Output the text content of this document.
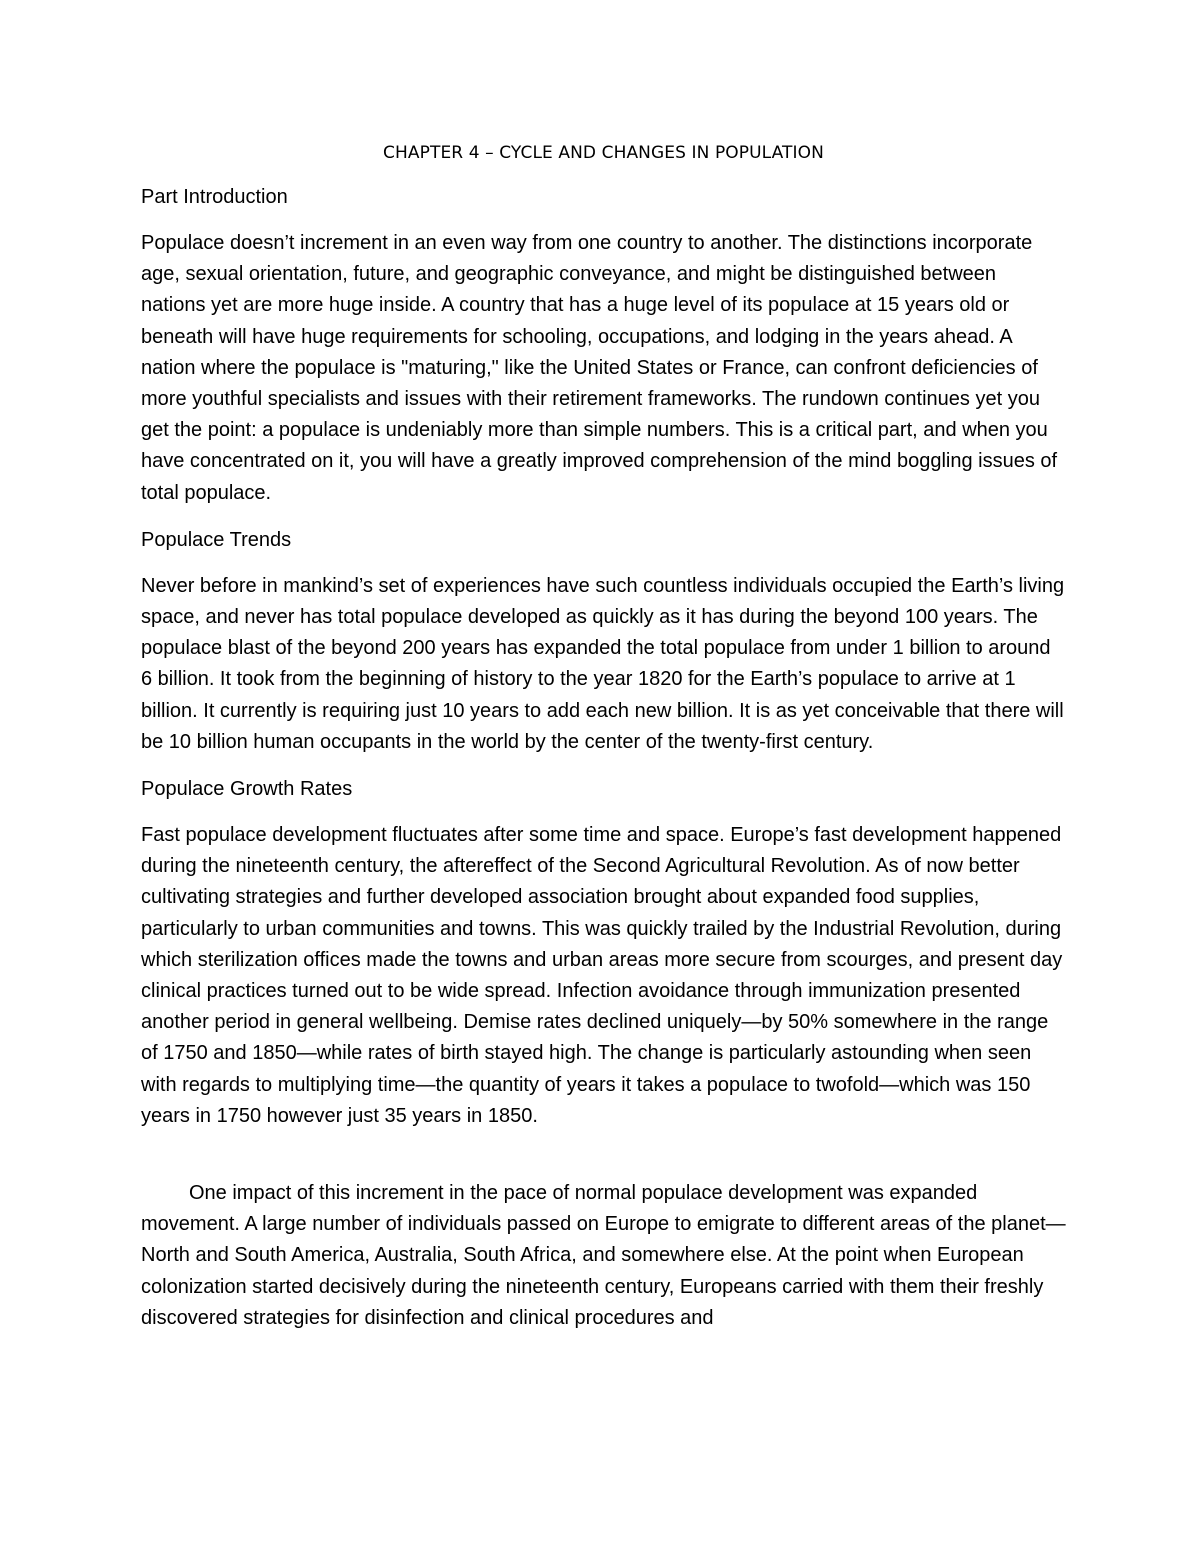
CHAPTER 4 – CYCLE AND CHANGES IN POPULATION
Part Introduction

Populace doesn’t increment in an even way from one country to another. The distinctions incorporate age, sexual orientation, future, and geographic conveyance, and might be distinguished between nations yet are more huge inside. A country that has a huge level of its populace at 15 years old or beneath will have huge requirements for schooling, occupations, and lodging in the years ahead. A nation where the populace is "maturing," like the United States or France, can confront deficiencies of more youthful specialists and issues with their retirement frameworks. The rundown continues yet you get the point: a populace is undeniably more than simple numbers. This is a critical part, and when you have concentrated on it, you will have a greatly improved comprehension of the mind boggling issues of total populace.

Populace Trends

Never before in mankind’s set of experiences have such countless individuals occupied the Earth’s living space, and never has total populace developed as quickly as it has during the beyond 100 years. The populace blast of the beyond 200 years has expanded the total populace from under 1 billion to around 6 billion. It took from the beginning of history to the year 1820 for the Earth’s populace to arrive at 1 billion. It currently is requiring just 10 years to add each new billion. It is as yet conceivable that there will be 10 billion human occupants in the world by the center of the twenty-first century.

Populace Growth Rates

Fast populace development fluctuates after some time and space. Europe’s fast development happened during the nineteenth century, the aftereffect of the Second Agricultural Revolution. As of now better cultivating strategies and further developed association brought about expanded food supplies, particularly to urban communities and towns. This was quickly trailed by the Industrial Revolution, during which sterilization offices made the towns and urban areas more secure from scourges, and present day clinical practices turned out to be wide spread. Infection avoidance through immunization presented another period in general wellbeing. Demise rates declined uniquely—by 50% somewhere in the range of 1750 and 1850—while rates of birth stayed high. The change is particularly astounding when seen with regards to multiplying time—the quantity of years it takes a populace to twofold—which was 150 years in 1750 however just 35 years in 1850.

One impact of this increment in the pace of normal populace development was expanded movement. A large number of individuals passed on Europe to emigrate to different areas of the planet—North and South America, Australia, South Africa, and somewhere else. At the point when European colonization started decisively during the nineteenth century, Europeans carried with them their freshly discovered strategies for disinfection and clinical procedures and
